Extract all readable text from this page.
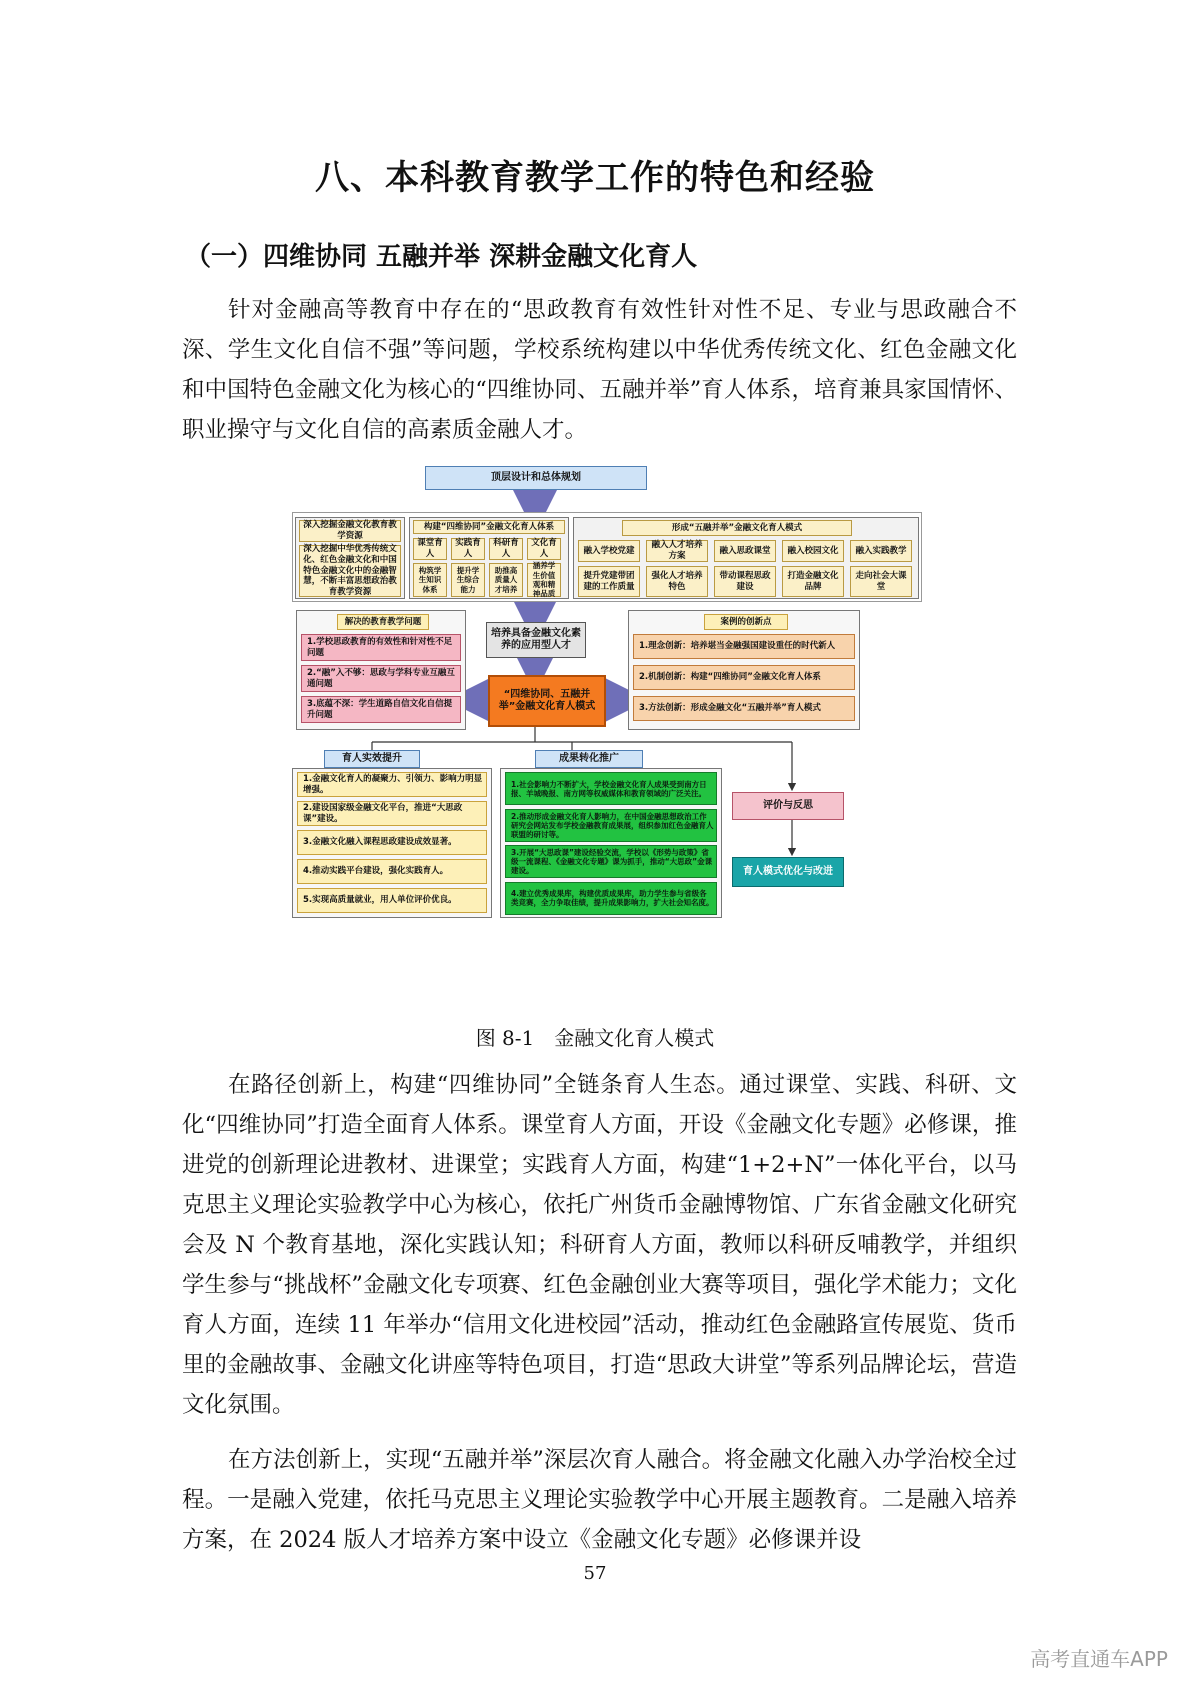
八、本科教育教学工作的特色和经验
（一）四维协同 五融并举 深耕金融文化育人

针对金融高等教育中存在的“思政教育有效性针对性不足、专业与思政融合不深、学生文化自信不强”等问题，学校系统构建以中华优秀传统文化、红色金融文化和中国特色金融文化为核心的“四维协同、五融并举”育人体系，培育兼具家国情怀、职业操守与文化自信的高素质金融人才。

顶层设计和总体规划
深入挖掘金融文化教育教学资源
深入挖掘中华优秀传统文化、红色金融文化和中国特色金融文化中的金融智慧，不断丰富思想政治教育教学资源
构建“四维协同”金融文化育人体系	形成“五融并举”金融文化育人模式
解决的教育教学问题
培养具备金融文化素养的应用型人才
“四维协同、五融并举”金融文化育人模式
案例的创新点
育人实效提升	成果转化推广
评价与反思
育人模式优化与改进
课堂育人
构筑学生知识体系
实践育人
提升学生综合能力
科研育人
助推高质量人才培养
文化育人
涵养学生价值观和精神品质
融入学校党建
提升党建带团建的工作质量
融入人才培养方案
强化人才培养特色
融入思政课堂
带动课程思政建设
融入校园文化
打造金融文化品牌
融入实践教学
走向社会大课堂
1.学校思政教育的有效性和针对性不足问题
2.“融”入不够：思政与学科专业互融互通问题
3.底蕴不深：学生道路自信文化自信提升问题
1.理念创新：培养堪当金融强国建设重任的时代新人
2.机制创新：构建“四维协同”金融文化育人体系
3.方法创新：形成金融文化“五融并举”育人模式
1.金融文化育人的凝聚力、引领力、影响力明显增强。
2.建设国家级金融文化平台，推进“大思政课”建设。
3.金融文化融入课程思政建设成效显著。
4.推动实践平台建设，强化实践育人。
5.实现高质量就业，用人单位评价优良。
1.社会影响力不断扩大，学校金融文化育人成果受到南方日报、羊城晚报、南方网等权威媒体和教育领域的广泛关注。
2.推动形成金融文化育人影响力，在中国金融思想政治工作研究会网站发布学校金融教育成果展，组织参加红色金融育人联盟的研讨等。
3.开展“大思政课”建设经验交流，学校以《形势与政策》省级一流课程、《金融文化专题》课为抓手，推动“大思政”金课建设。
4.建立优秀成果库，构建优质成果库，助力学生参与省级各类竞赛，全力争取佳绩，提升成果影响力，扩大社会知名度。
图 8-1　金融文化育人模式

在路径创新上，构建“四维协同”全链条育人生态。通过课堂、实践、科研、文化“四维协同”打造全面育人体系。课堂育人方面，开设《金融文化专题》必修课，推进党的创新理论进教材、进课堂；实践育人方面，构建“1+2+N”一体化平台，以马克思主义理论实验教学中心为核心，依托广州货币金融博物馆、广东省金融文化研究会及 N 个教育基地，深化实践认知；科研育人方面，教师以科研反哺教学，并组织学生参与“挑战杯”金融文化专项赛、红色金融创业大赛等项目，强化学术能力；文化育人方面，连续 11 年举办“信用文化进校园”活动，推动红色金融路宣传展览、货币里的金融故事、金融文化讲座等特色项目，打造“思政大讲堂”等系列品牌论坛，营造文化氛围。

在方法创新上，实现“五融并举”深层次育人融合。将金融文化融入办学治校全过程。一是融入党建，依托马克思主义理论实验教学中心开展主题教育。二是融入培养方案，在 2024 版人才培养方案中设立《金融文化专题》必修课并设

57
高考直通车APP
